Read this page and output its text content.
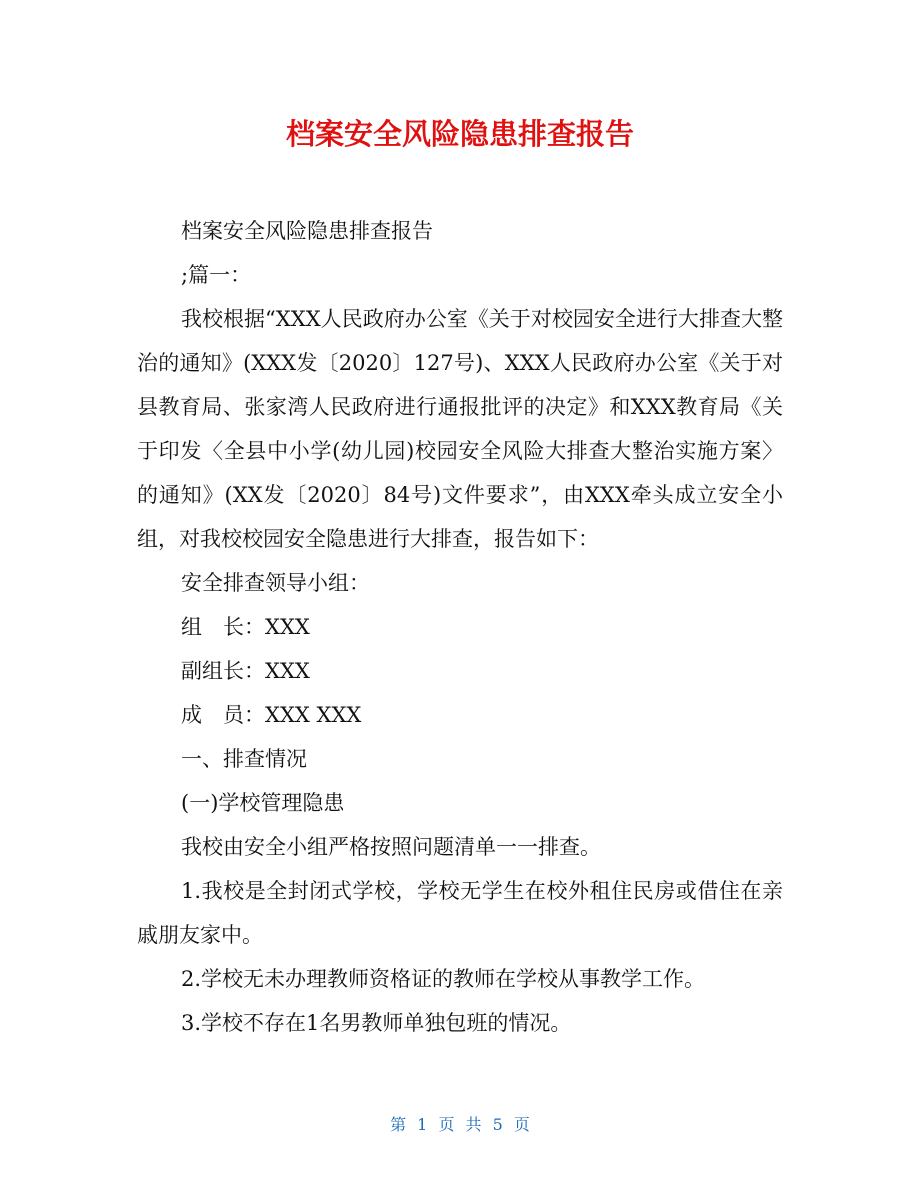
档案安全风险隐患排查报告

档案安全风险隐患排查报告

;篇一：

我校根据“XXX人民政府办公室《关于对校园安全进行大排查大整治的通知》(XXX发〔2020〕127号)、XXX人民政府办公室《关于对县教育局、张家湾人民政府进行通报批评的决定》和XXX教育局《关于印发〈全县中小学(幼儿园)校园安全风险大排查大整治实施方案〉的通知》(XX发〔2020〕84号)文件要求”，由XXX牵头成立安全小组，对我校校园安全隐患进行大排查，报告如下：

安全排查领导小组：

组　长：XXX

副组长：XXX

成　员：XXX XXX

一、排查情况

(一)学校管理隐患

我校由安全小组严格按照问题清单一一排查。

1.我校是全封闭式学校，学校无学生在校外租住民房或借住在亲戚朋友家中。

2.学校无未办理教师资格证的教师在学校从事教学工作。

3.学校不存在1名男教师单独包班的情况。

第 1 页 共 5 页
